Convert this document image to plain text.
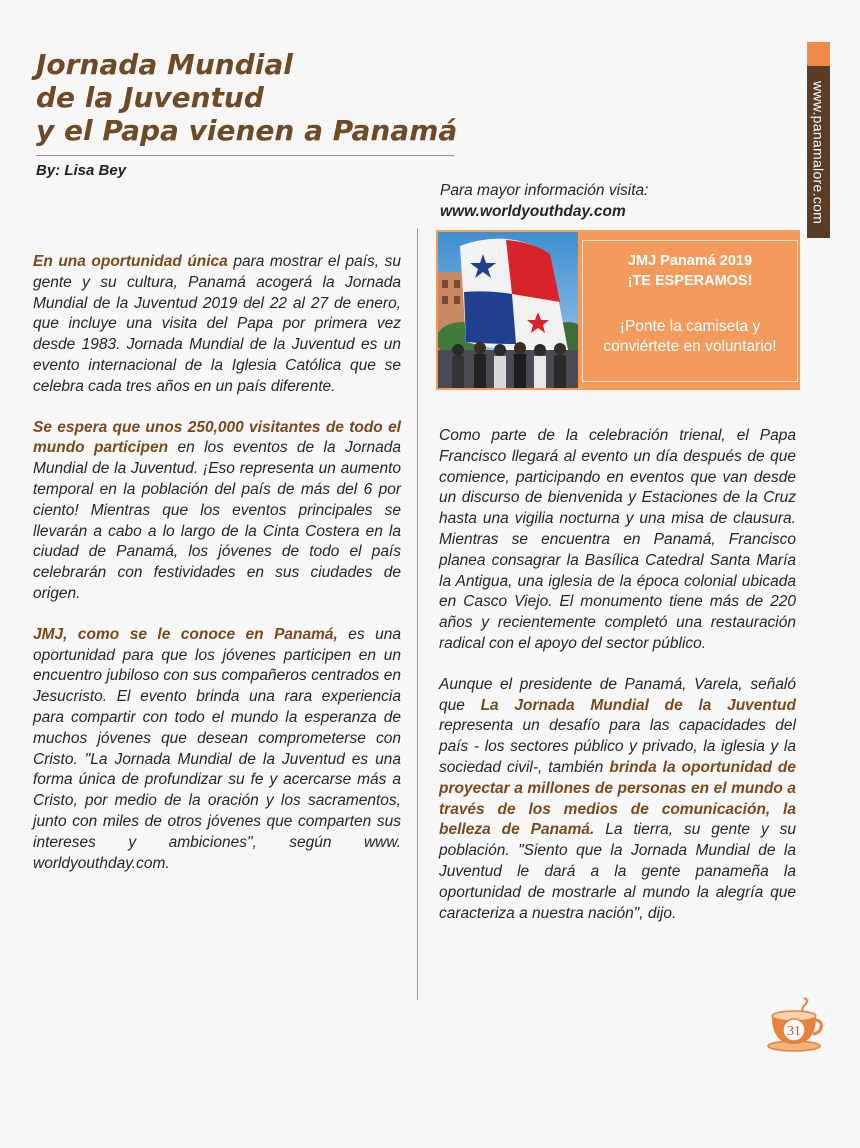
Jornada Mundial
de la Juventud
y el Papa vienen a Panamá
By: Lisa Bey	www.panamalore.com
Para mayor información visita:
www.worldyouthday.com
JMJ Panamá 2019
¡TE ESPERAMOS!
¡Ponte la camiseta y
conviértete en voluntario!

En una oportunidad única para mostrar el país, su gente y su cultura, Panamá acogerá la Jornada Mundial de la Juventud 2019 del 22 al 27 de enero, que incluye una visita del Papa por primera vez desde 1983. Jornada Mundial de la Juventud es un evento internacional de la Iglesia Católica que se celebra cada tres años en un país diferente.

Se espera que unos 250,000 visitantes de todo el mundo participen en los eventos de la Jornada Mundial de la Juventud. ¡Eso representa un aumento temporal en la población del país de más del 6 por ciento! Mientras que los eventos principales se llevarán a cabo a lo largo de la Cinta Costera en la ciudad de Panamá, los jóvenes de todo el país celebrarán con festividades en sus ciudades de origen.

JMJ, como se le conoce en Panamá, es una oportunidad para que los jóvenes participen en un encuentro jubiloso con sus compañeros centrados en Jesucristo. El evento brinda una rara experiencia para compartir con todo el mundo la esperanza de muchos jóvenes que desean comprometerse con Cristo. "La Jornada Mundial de la Juventud es una forma única de profundizar su fe y acercarse más a Cristo, por medio de la oración y los sacramentos, junto con miles de otros jóvenes que comparten sus intereses y ambiciones", según www. worldyouthday.com.

Como parte de la celebración trienal, el Papa Francisco llegará al evento un día después de que comience, participando en eventos que van desde un discurso de bienvenida y Estaciones de la Cruz hasta una vigilia nocturna y una misa de clausura. Mientras se encuentra en Panamá, Francisco planea consagrar la Basílica Catedral Santa María la Antigua, una iglesia de la época colonial ubicada en Casco Viejo. El monumento tiene más de 220 años y recientemente completó una restauración radical con el apoyo del sector público.

Aunque el presidente de Panamá, Varela, señaló que La Jornada Mundial de la Juventud representa un desafío para las capacidades del país - los sectores público y privado, la iglesia y la sociedad civil-, también brinda la oportunidad de proyectar a millones de personas en el mundo a través de los medios de comunicación, la belleza de Panamá. La tierra, su gente y su población. "Siento que la Jornada Mundial de la Juventud le dará a la gente panameña la oportunidad de mostrarle al mundo la alegría que caracteriza a nuestra nación", dijo.

31
